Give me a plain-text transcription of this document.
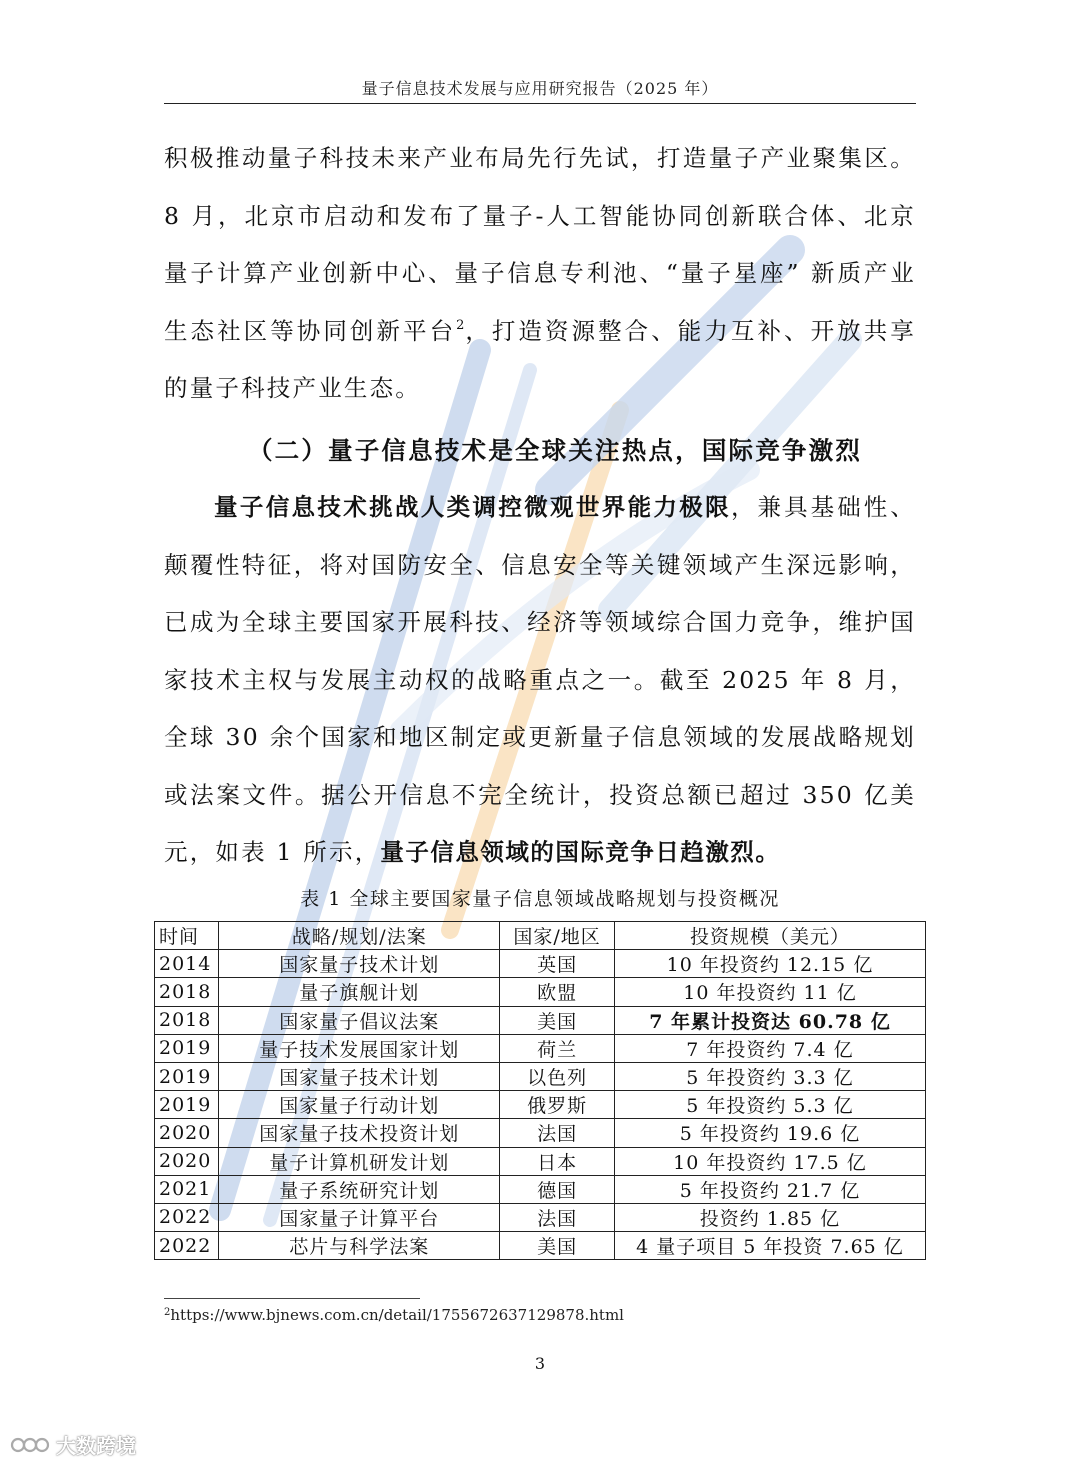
量子信息技术发展与应用研究报告（2025 年）

积极推动量子科技未来产业布局先行先试，打造量子产业聚集区。8 月，北京市启动和发布了量子-人工智能协同创新联合体、北京量子计算产业创新中心、量子信息专利池、“量子星座” 新质产业生态社区等协同创新平台$^2$，打造资源整合、能力互补、开放共享的量子科技产业生态。

（二）量子信息技术是全球关注热点，国际竞争激烈

量子信息技术挑战人类调控微观世界能力极限，兼具基础性、颠覆性特征，将对国防安全、信息安全等关键领域产生深远影响，已成为全球主要国家开展科技、经济等领域综合国力竞争，维护国家技术主权与发展主动权的战略重点之一。截至 2025 年 8 月，全球 30 余个国家和地区制定或更新量子信息领域的发展战略规划或法案文件。据公开信息不完全统计，投资总额已超过 350 亿美元，如表 1 所示，量子信息领域的国际竞争日趋激烈。

表 1 全球主要国家量子信息领域战略规划与投资概况
时间	战略/规划/法案	国家/地区	投资规模（美元）
2014	国家量子技术计划	英国	10 年投资约 12.15 亿
2018	量子旗舰计划	欧盟	10 年投资约 11 亿
2018	国家量子倡议法案	美国	7 年累计投资达 60.78 亿
2019	量子技术发展国家计划	荷兰	7 年投资约 7.4 亿
2019	国家量子技术计划	以色列	5 年投资约 3.3 亿
2019	国家量子行动计划	俄罗斯	5 年投资约 5.3 亿
2020	国家量子技术投资计划	法国	5 年投资约 19.6 亿
2020	量子计算机研发计划	日本	10 年投资约 17.5 亿
2021	量子系统研究计划	德国	5 年投资约 21.7 亿
2022	国家量子计算平台	法国	投资约 1.85 亿
2022	芯片与科学法案	美国	4 量子项目 5 年投资 7.65 亿
$^2$https://www.bjnews.com.cn/detail/1755672637129878.html
3
大数跨境
